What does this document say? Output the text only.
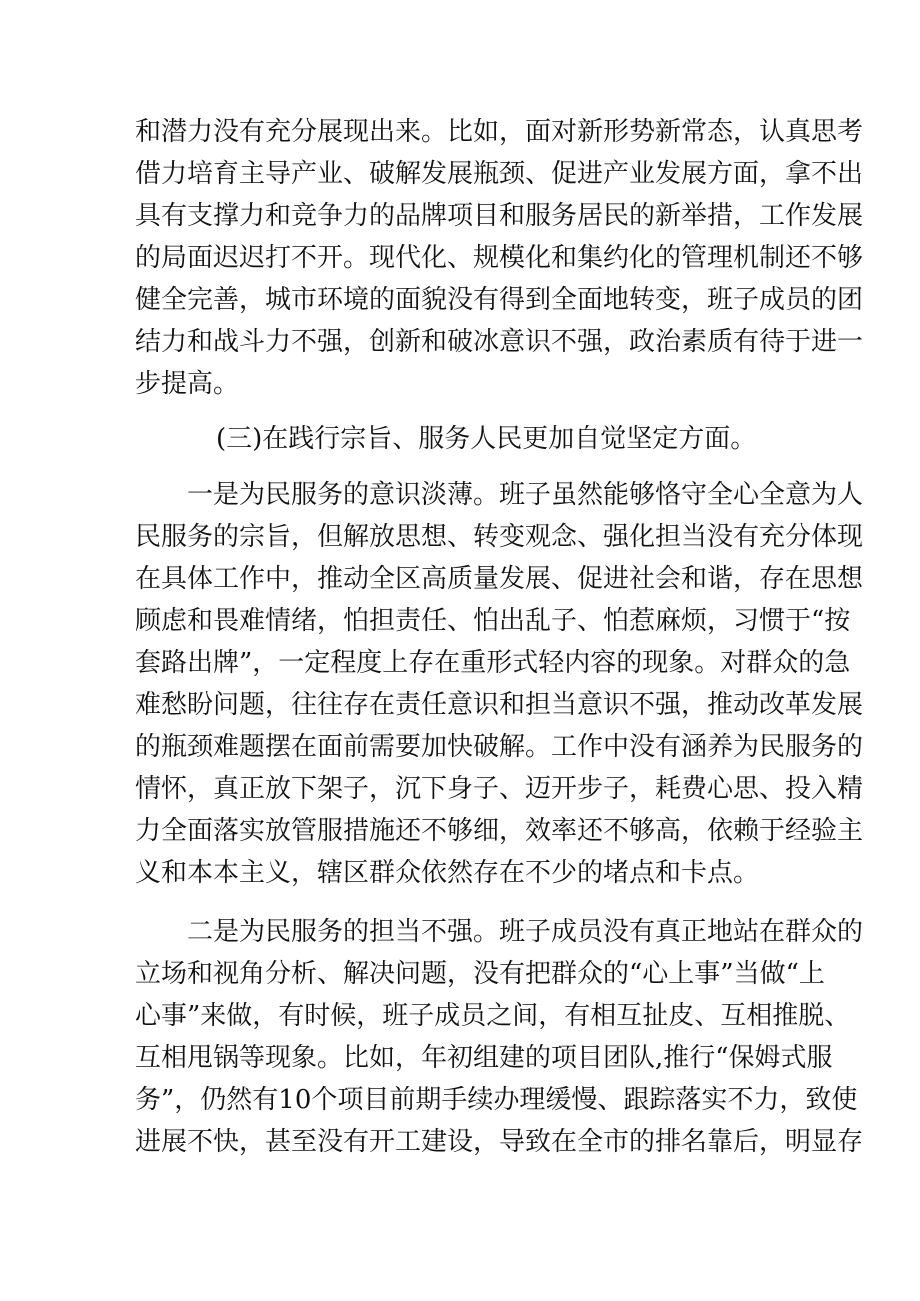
和潜力没有充分展现出来。比如，面对新形势新常态，认真思考
借力培育主导产业、破解发展瓶颈、促进产业发展方面，拿不出
具有支撑力和竞争力的品牌项目和服务居民的新举措，工作发展
的局面迟迟打不开。现代化、规模化和集约化的管理机制还不够
健全完善，城市环境的面貌没有得到全面地转变，班子成员的团
结力和战斗力不强，创新和破冰意识不强，政治素质有待于进一
步提高。
(三)在践行宗旨、服务人民更加自觉坚定方面。
一是为民服务的意识淡薄。班子虽然能够恪守全心全意为人
民服务的宗旨，但解放思想、转变观念、强化担当没有充分体现
在具体工作中，推动全区高质量发展、促进社会和谐，存在思想
顾虑和畏难情绪，怕担责任、怕出乱子、怕惹麻烦，习惯于“按
套路出牌”，一定程度上存在重形式轻内容的现象。对群众的急
难愁盼问题，往往存在责任意识和担当意识不强，推动改革发展
的瓶颈难题摆在面前需要加快破解。工作中没有涵养为民服务的
情怀，真正放下架子，沉下身子、迈开步子，耗费心思、投入精
力全面落实放管服措施还不够细，效率还不够高，依赖于经验主
义和本本主义，辖区群众依然存在不少的堵点和卡点。
二是为民服务的担当不强。班子成员没有真正地站在群众的
立场和视角分析、解决问题，没有把群众的“心上事”当做“上
心事”来做，有时候，班子成员之间，有相互扯皮、互相推脱、
互相甩锅等现象。比如，年初组建的项目团队,推行“保姆式服
务”，仍然有10个项目前期手续办理缓慢、跟踪落实不力，致使
进展不快，甚至没有开工建设，导致在全市的排名靠后，明显存
